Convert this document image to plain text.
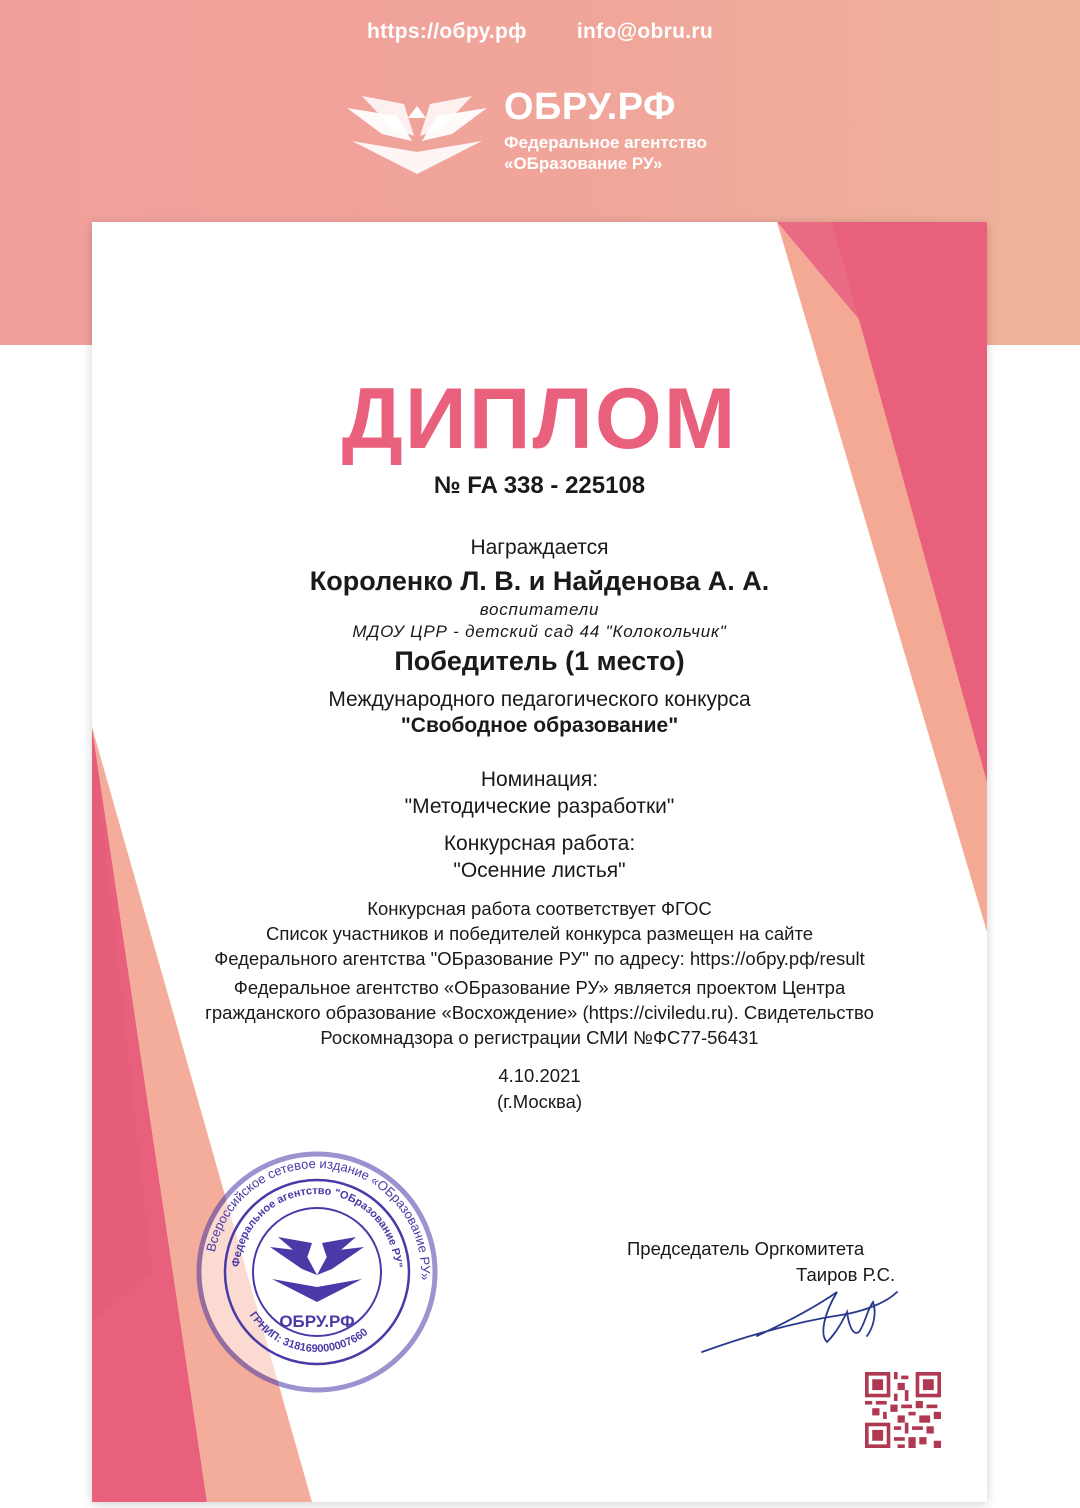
https://обру.рф info@obru.ru
ОБРУ.РФ
Федеральное агентство
«ОБразование РУ»
ДИПЛОМ
№ FA 338 - 225108
Награждается
Короленко Л. В. и Найденова А. А.
воспитатели
МДОУ ЦРР - детский сад 44 "Колокольчик"
Победитель (1 место)
Международного педагогического конкурса
"Свободное образование"
Номинация:
"Методические разработки"
Конкурсная работа:
"Осенние листья"
Конкурсная работа соответствует ФГОС
Список участников и победителей конкурса размещен на сайте
Федерального агентства "ОБразование РУ" по адресу: https://обру.рф/result
Федеральное агентство «ОБразование РУ» является проектом Центра
гражданского образование «Восхождение» (https://civiledu.ru). Свидетельство
Роскомнадзора о регистрации СМИ №ФС77-56431
4.10.2021
(г.Москва)
Председатель Оргкомитета
Таиров Р.С.
Всероссийское сетевое издание «ОБразование РУ»
Федеральное агентство "ОБразование РУ"
ГРНИП: 318169000007660
ОБРУ.РФ
